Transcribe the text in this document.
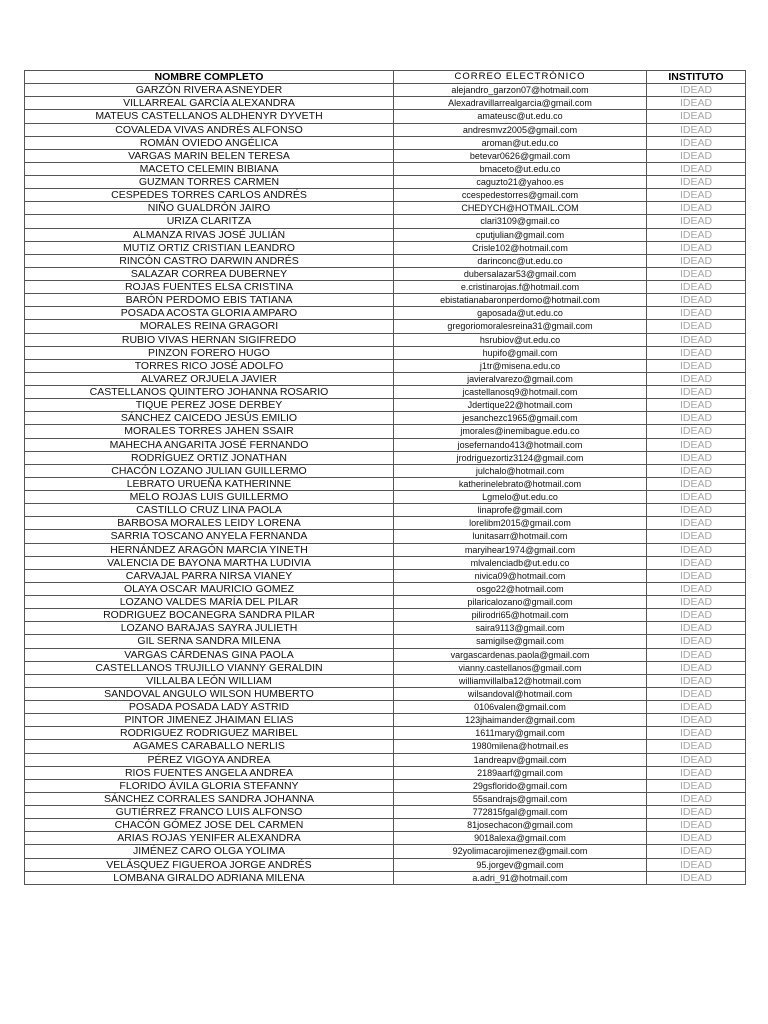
NOMBRE COMPLETO	CORREO ELECTRÓNICO	INSTITUTO
GARZÓN RIVERA ASNEYDER	alejandro_garzon07@hotmail.com	IDEAD
VILLARREAL GARCÍA ALEXANDRA	Alexadravillarrealgarcia@gmail.com	IDEAD
MATEUS CASTELLANOS ALDHENYR DYVETH	amateusc@ut.edu.co	IDEAD
COVALEDA VIVAS ANDRÉS ALFONSO	andresmvz2005@gmail.com	IDEAD
ROMÁN OVIEDO ANGÉLICA	aroman@ut.edu.co	IDEAD
VARGAS MARIN BELEN TERESA	betevar0626@gmail.com	IDEAD
MACETO CELEMIN BIBIANA	bmaceto@ut.edu.co	IDEAD
GUZMAN TORRES CARMEN	caguzto21@yahoo.es	IDEAD
CESPEDES TORRES CARLOS ANDRÉS	ccespedestorres@gmail.com	IDEAD
NIÑO GUALDRÓN JAIRO	CHEDYCH@HOTMAIL.COM	IDEAD
URIZA CLARITZA	clari3109@gmail.co	IDEAD
ALMANZA RIVAS JOSÉ JULIÁN	cputjulian@gmail.com	IDEAD
MUTIZ ORTIZ CRISTIAN LEANDRO	Crisle102@hotmail.com	IDEAD
RINCÓN CASTRO DARWIN ANDRÉS	darinconc@ut.edu.co	IDEAD
SALAZAR CORREA DUBERNEY	dubersalazar53@gmail.com	IDEAD
ROJAS FUENTES ELSA CRISTINA	e.cristinarojas.f@hotmail.com	IDEAD
BARÓN PERDOMO EBIS TATIANA	ebistatianabaronperdomo@hotmail.com	IDEAD
POSADA ACOSTA GLORIA AMPARO	gaposada@ut.edu.co	IDEAD
MORALES REINA GRAGORI	gregoriomoralesreina31@gmail.com	IDEAD
RUBIO VIVAS HERNAN SIGIFREDO	hsrubiov@ut.edu.co	IDEAD
PINZON FORERO HUGO	hupifo@gmail.com	IDEAD
TORRES RICO JOSÉ ADOLFO	j1tr@misena.edu.co	IDEAD
ALVAREZ ORJUELA JAVIER	javieralvarezo@gmail.com	IDEAD
CASTELLANOS QUINTERO JOHANNA ROSARIO	jcastellanosq9@hotmail.com	IDEAD
TIQUE PEREZ JOSE DERBEY	Jdertique22@hotmail.com	IDEAD
SÁNCHEZ CAICEDO JESÚS EMILIO	jesanchezc1965@gmail.com	IDEAD
MORALES TORRES JAHEN SSAIR	jmorales@inemibague.edu.co	IDEAD
MAHECHA ANGARITA JOSÉ FERNANDO	josefernando413@hotmail.com	IDEAD
RODRÍGUEZ ORTIZ JONATHAN	jrodriguezortiz3124@gmail.com	IDEAD
CHACÓN LOZANO JULIAN GUILLERMO	julchalo@hotmail.com	IDEAD
LEBRATO URUEÑA KATHERINNE	katherinelebrato@hotmail.com	IDEAD
MELO ROJAS LUIS GUILLERMO	Lgmelo@ut.edu.co	IDEAD
CASTILLO CRUZ LINA PAOLA	linaprofe@gmail.com	IDEAD
BARBOSA MORALES LEIDY LORENA	lorelibm2015@gmail.com	IDEAD
SARRIA TOSCANO ANYELA FERNANDA	lunitasarr@hotmail.com	IDEAD
HERNÁNDEZ ARAGÓN MARCIA YINETH	maryihear1974@gmail.com	IDEAD
VALENCIA DE BAYONA MARTHA LUDIVIA	mlvalenciadb@ut.edu.co	IDEAD
CARVAJAL PARRA NIRSA VIANEY	nivica09@hotmail.com	IDEAD
OLAYA OSCAR MAURICIO GOMEZ	osgo22@hotmail.com	IDEAD
LOZANO VALDES MARÍA DEL PILAR	pilaricalozano@gmail.com	IDEAD
RODRIGUEZ BOCANEGRA SANDRA PILAR	pilirodri65@hotmail.com	IDEAD
LOZANO BARAJAS SAYRA JULIETH	saira9113@gmail.com	IDEAD
GIL SERNA SANDRA MILENA	samigilse@gmail.com	IDEAD
VARGAS CÁRDENAS GINA PAOLA	vargascardenas.paola@gmail.com	IDEAD
CASTELLANOS TRUJILLO VIANNY GERALDIN	vianny.castellanos@gmail.com	IDEAD
VILLALBA LEÓN WILLIAM	williamvillalba12@hotmail.com	IDEAD
SANDOVAL ANGULO WILSON HUMBERTO	wilsandoval@hotmail.com	IDEAD
POSADA POSADA LADY ASTRID	0106valen@gmail.com	IDEAD
PINTOR JIMENEZ JHAIMAN ELIAS	123jhaimander@gmail.com	IDEAD
RODRIGUEZ RODRIGUEZ MARIBEL	1611mary@gmail.com	IDEAD
AGAMES CARABALLO NERLIS	1980milena@hotmail.es	IDEAD
PÉREZ VIGOYA ANDREA	1andreapv@gmail.com	IDEAD
RIOS FUENTES ANGELA ANDREA	2189aarf@gmail.com	IDEAD
FLORIDO ÁVILA GLORIA STEFANNY	29gsflorido@gmail.com	IDEAD
SÁNCHEZ CORRALES SANDRA JOHANNA	55sandrajs@gmail.com	IDEAD
GUTIÉRREZ FRANCO LUIS ALFONSO	772815fgal@gmail.com	IDEAD
CHACÓN GÓMEZ JOSE DEL CARMEN	81josechacon@gmail.com	IDEAD
ARIAS ROJAS YENIFER ALEXANDRA	9018alexa@gmail.com	IDEAD
JIMÉNEZ CARO OLGA YOLIMA	92yolimacarojimenez@gmail.com	IDEAD
VELÁSQUEZ FIGUEROA JORGE ANDRÉS	95.jorgev@gmail.com	IDEAD
LOMBANA GIRALDO ADRIANA MILENA	a.adri_91@hotmail.com	IDEAD
